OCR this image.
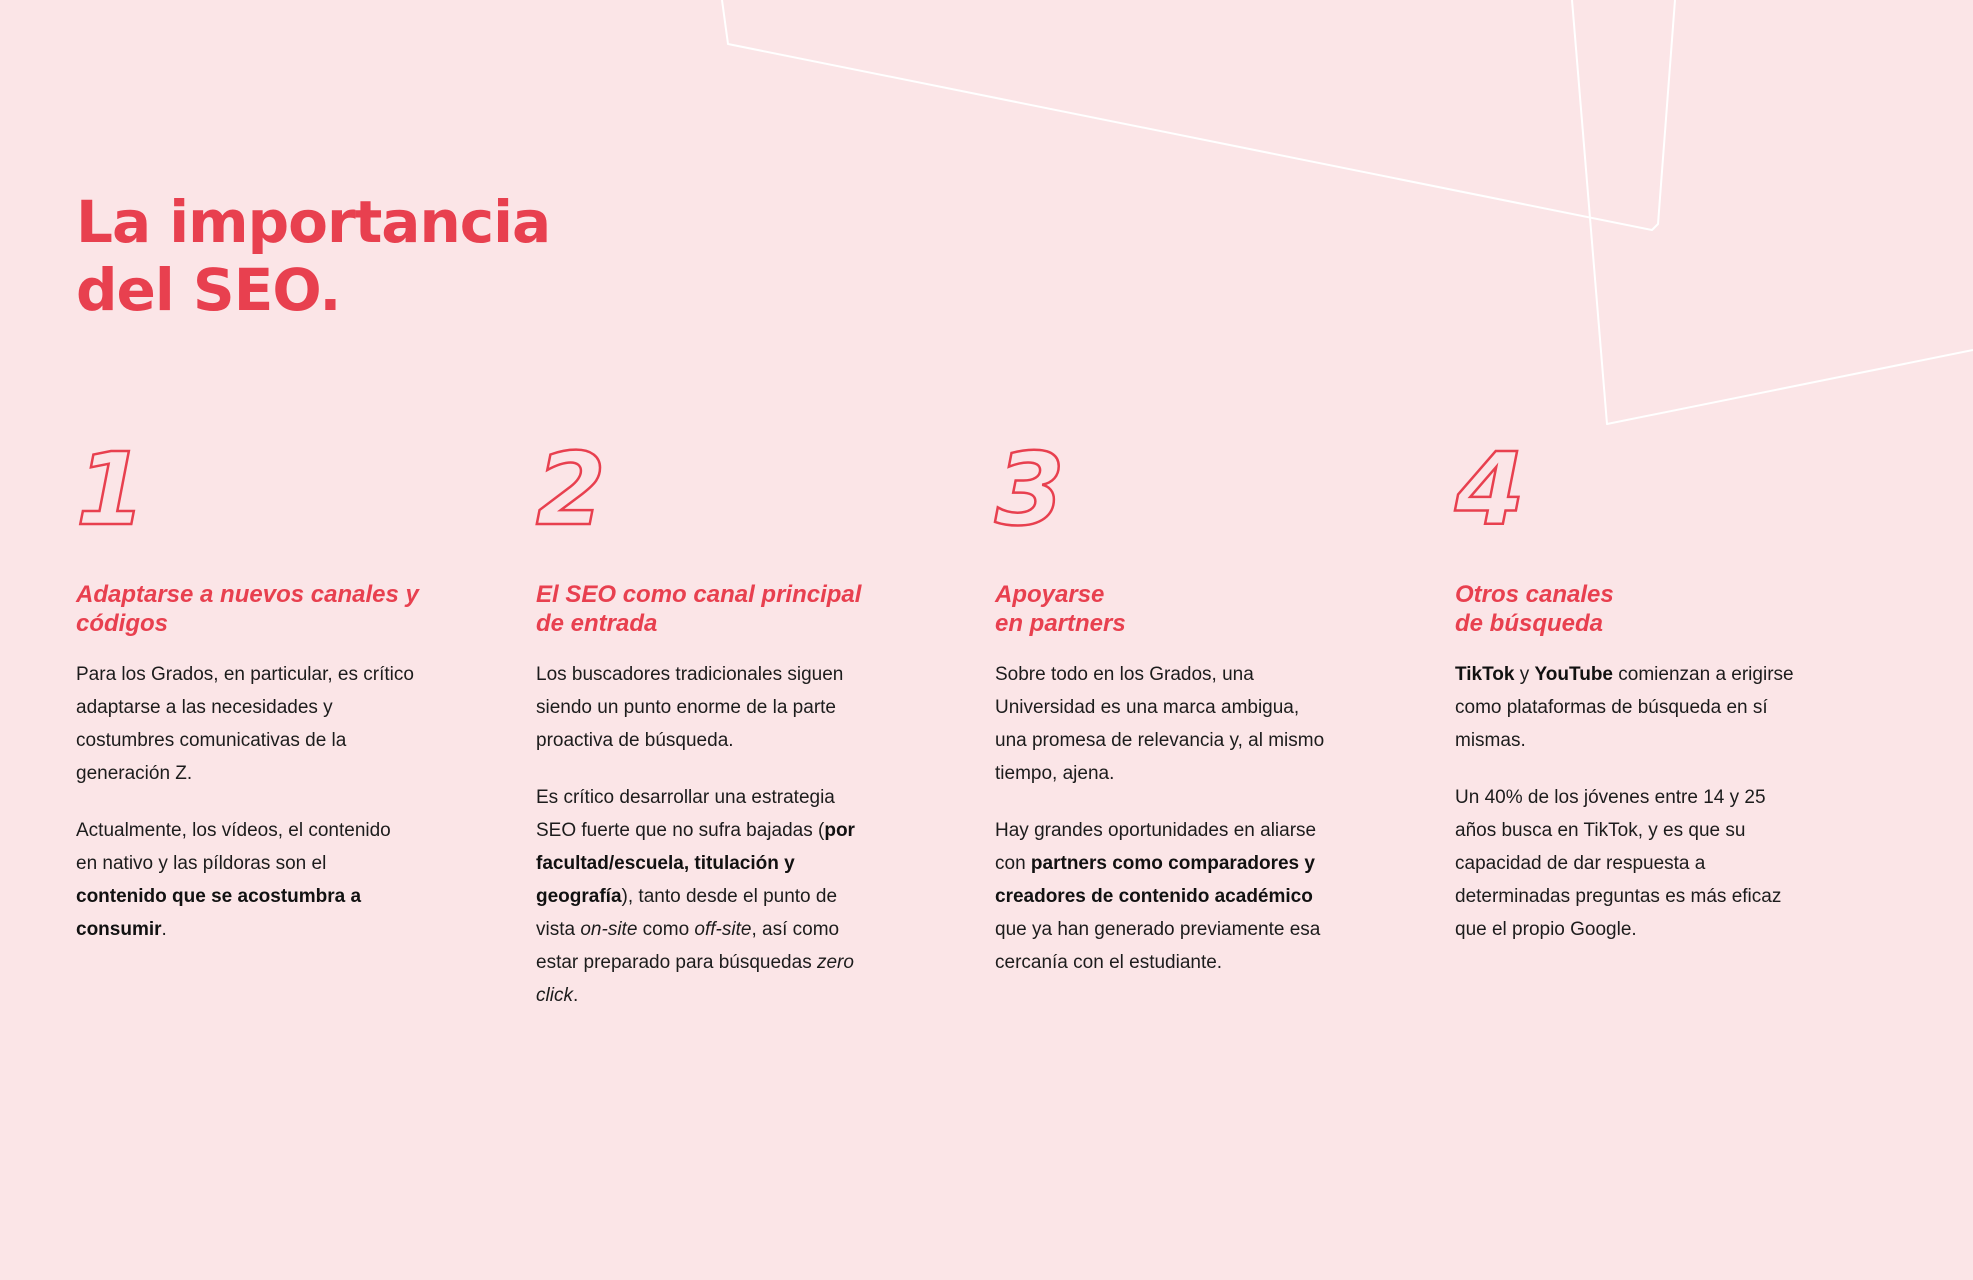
La importancia
del SEO.
1
Adaptarse a nuevos canales y
códigos

Para los Grados, en particular, es crítico
adaptarse a las necesidades y
costumbres comunicativas de la
generación Z.

Actualmente, los vídeos, el contenido
en nativo y las píldoras son el
contenido que se acostumbra a
consumir.

2
El SEO como canal principal
de entrada

Los buscadores tradicionales siguen
siendo un punto enorme de la parte
proactiva de búsqueda.

Es crítico desarrollar una estrategia
SEO fuerte que no sufra bajadas (por
facultad/escuela, titulación y
geografía), tanto desde el punto de
vista on-site como off-site, así como
estar preparado para búsquedas zero
click.

3
Apoyarse
en partners

Sobre todo en los Grados, una
Universidad es una marca ambigua,
una promesa de relevancia y, al mismo
tiempo, ajena.

Hay grandes oportunidades en aliarse
con partners como comparadores y
creadores de contenido académico
que ya han generado previamente esa
cercanía con el estudiante.

4
Otros canales
de búsqueda

TikTok y YouTube comienzan a erigirse
como plataformas de búsqueda en sí
mismas.

Un 40% de los jóvenes entre 14 y 25
años busca en TikTok, y es que su
capacidad de dar respuesta a
determinadas preguntas es más eficaz
que el propio Google.
